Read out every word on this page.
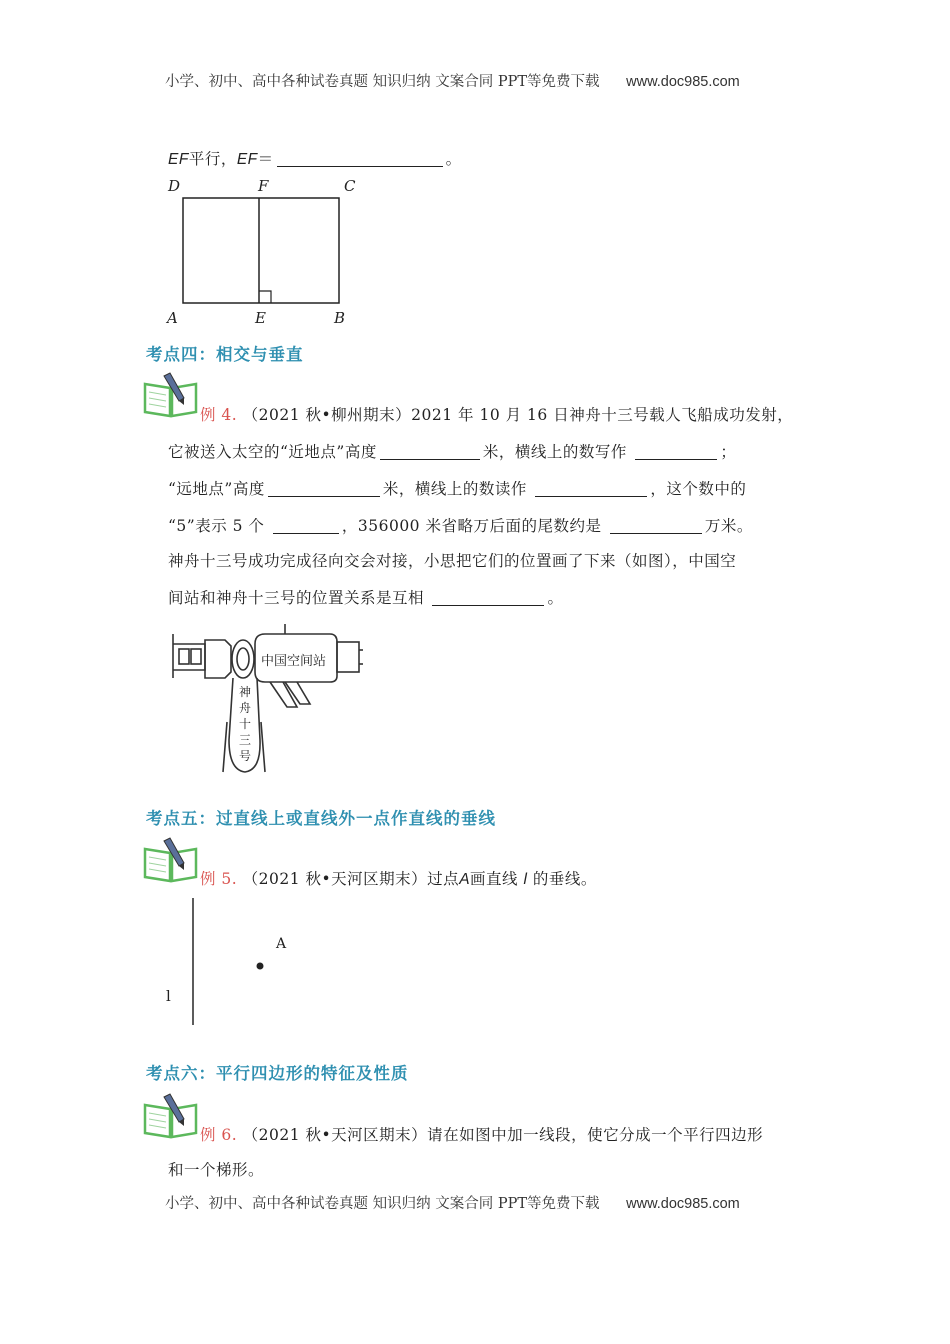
小学、初中、高中各种试卷真题 知识归纳 文案合同 PPT等免费下载 www.doc985.com
EF平行，EF＝	。
D	F	C
A	E	B
考点四：相交与垂直
例 4. （2021 秋•柳州期末）2021 年 10 月 16 日神舟十三号载人飞船成功发射，
它被送入太空的“近地点”高度	米，横线上的数写作	；
“远地点”高度	米，横线上的数读作	，这个数中的
“5”表示 5 个	，356000 米省略万后面的尾数约是	万米。
神舟十三号成功完成径向交会对接，小思把它们的位置画了下来（如图），中国空
间站和神舟十三号的位置关系是互相	。
中国空间站
神
舟
十
三
号
考点五：过直线上或直线外一点作直线的垂线
例 5. （2021 秋•天河区期末）过点A画直线 l 的垂线。
A
l
考点六：平行四边形的特征及性质
例 6. （2021 秋•天河区期末）请在如图中加一线段，使它分成一个平行四边形
和一个梯形。
小学、初中、高中各种试卷真题 知识归纳 文案合同 PPT等免费下载 www.doc985.com
